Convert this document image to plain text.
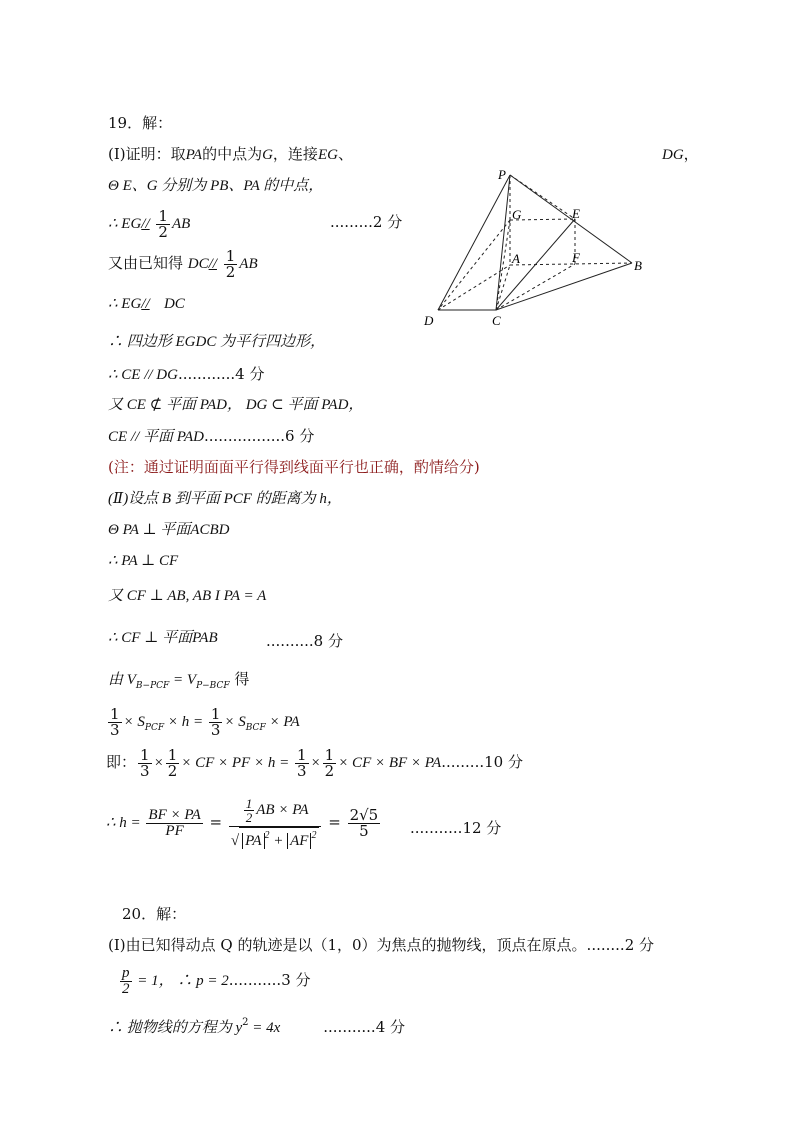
19．解：
(Ⅰ)证明：取PA的中点为G，连接EG、	DG，
Θ E、G 分别为 PB、PA 的中点，
∴ $EG// \frac{1}{2}$ AB	.........2 分
又由已知得 $DC// \frac{1}{2}$ AB
∴ EG// DC
∴ 四边形 EGDC 为平行四边形，
∴ CE // DG............4 分
又 CE ⊄ 平面 PAD， DG ⊂ 平面 PAD，
CE // 平面 PAD.................6 分
(注：通过证明面面平行得到线面平行也正确，酌情给分)
(Ⅱ)设点 B 到平面 PCF 的距离为 h，
Θ PA ⊥ 平面ACBD
∴ PA ⊥ CF
又 CF ⊥ AB, AB I PA = A
∴ CF ⊥ 平面PAB	..........8 分
由 $V_{B-PCF} = V_{P-BCF}$ 得
$\frac{1}{3} \times S_{PCF} \times h = \frac{1}{3} \times S_{BCF}$ × PA
即： $\frac{1}{3} \times \frac{1}{2}$ × CF × PF × $h = \frac{1}{3} \times \frac{1}{2}$ × CF × BF × PA.........10 分
∴ $h = \frac{BF \times PA}{PF} = \frac{\frac{1}{2} AB \times PA}{√ PA ^2 + AF ^2} = \frac{2√5}{5} ...........12$ 分
20．解：
(Ⅰ)由已知得动点 Q 的轨迹是以（1，0）为焦点的抛物线，顶点在原点。........2 分
$\frac{p}{2} = 1$， ∴ p = 2...........3 分
∴ 抛物线的方程为 $y^2 = 4x$	...........4 分
P
G	E
A	F
B
D	C
